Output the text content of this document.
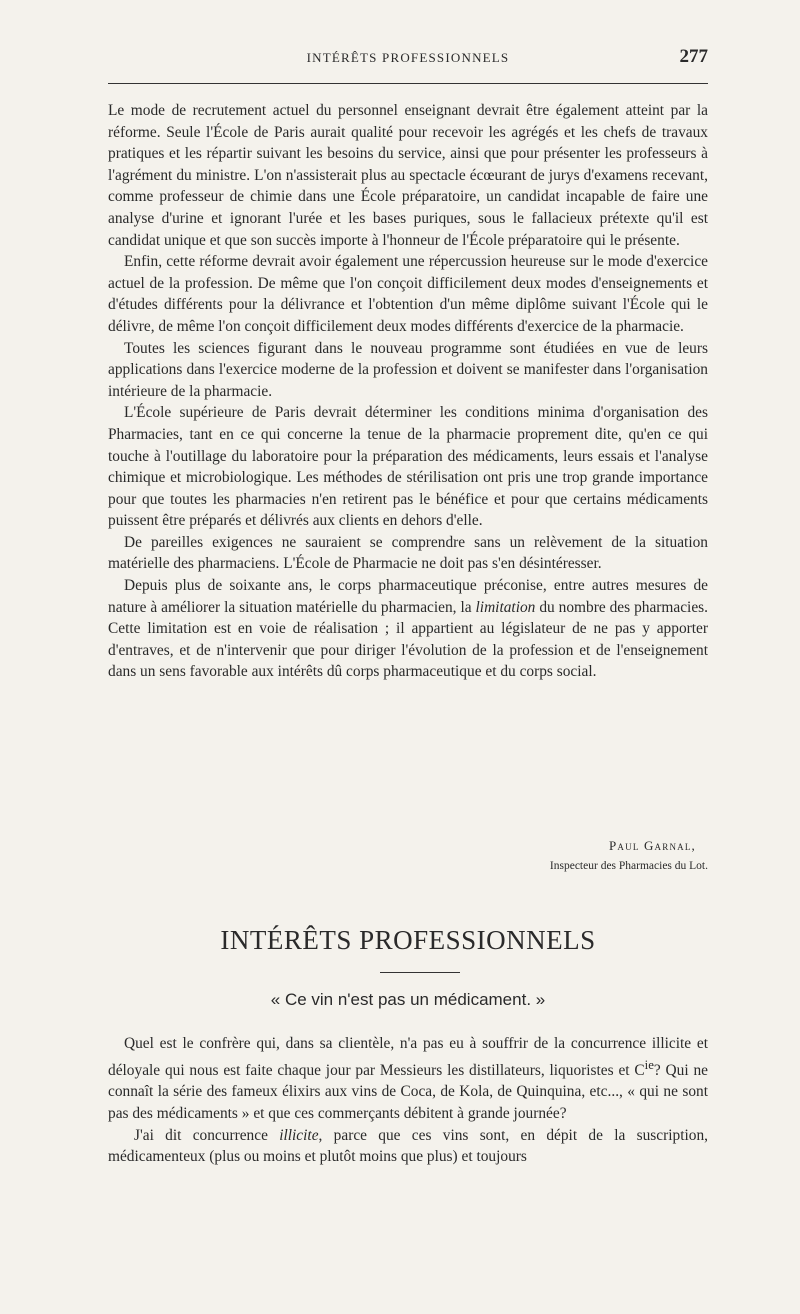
INTÉRÊTS PROFESSIONNELS	277

Le mode de recrutement actuel du personnel enseignant devrait être également atteint par la réforme. Seule l'École de Paris aurait qualité pour recevoir les agrégés et les chefs de travaux pratiques et les répartir suivant les besoins du service, ainsi que pour présenter les professeurs à l'agrément du ministre. L'on n'assisterait plus au spectacle écœurant de jurys d'examens recevant, comme professeur de chimie dans une École préparatoire, un candidat incapable de faire une analyse d'urine et ignorant l'urée et les bases puriques, sous le fallacieux prétexte qu'il est candidat unique et que son succès importe à l'honneur de l'École préparatoire qui le présente.

Enfin, cette réforme devrait avoir également une répercussion heureuse sur le mode d'exercice actuel de la profession. De même que l'on conçoit difficilement deux modes d'enseignements et d'études différents pour la délivrance et l'obtention d'un même diplôme suivant l'École qui le délivre, de même l'on conçoit difficilement deux modes différents d'exercice de la pharmacie.

Toutes les sciences figurant dans le nouveau programme sont étudiées en vue de leurs applications dans l'exercice moderne de la profession et doivent se manifester dans l'organisation intérieure de la pharmacie.

L'École supérieure de Paris devrait déterminer les conditions minima d'organisation des Pharmacies, tant en ce qui concerne la tenue de la pharmacie proprement dite, qu'en ce qui touche à l'outillage du laboratoire pour la préparation des médicaments, leurs essais et l'analyse chimique et microbiologique. Les méthodes de stérilisation ont pris une trop grande importance pour que toutes les pharmacies n'en retirent pas le bénéfice et pour que certains médicaments puissent être préparés et délivrés aux clients en dehors d'elle.

De pareilles exigences ne sauraient se comprendre sans un relèvement de la situation matérielle des pharmaciens. L'École de Pharmacie ne doit pas s'en désintéresser.

Depuis plus de soixante ans, le corps pharmaceutique préconise, entre autres mesures de nature à améliorer la situation matérielle du pharmacien, la limitation du nombre des pharmacies. Cette limitation est en voie de réalisation ; il appartient au législateur de ne pas y apporter d'entraves, et de n'intervenir que pour diriger l'évolution de la profession et de l'enseignement dans un sens favorable aux intérêts dû corps pharmaceutique et du corps social.

Paul Garnal,
Inspecteur des Pharmacies du Lot.
INTÉRÊTS PROFESSIONNELS
« Ce vin n'est pas un médicament. »

Quel est le confrère qui, dans sa clientèle, n'a pas eu à souffrir de la concurrence illicite et déloyale qui nous est faite chaque jour par Messieurs les distillateurs, liquoristes et $C^{ie}$? Qui ne connaît la série des fameux élixirs aux vins de Coca, de Kola, de Quinquina, etc..., « qui ne sont pas des médicaments » et que ces commerçants débitent à grande journée?

J'ai dit concurrence illicite, parce que ces vins sont, en dépit de la suscription, médicamenteux (plus ou moins et plutôt moins que plus) et toujours
